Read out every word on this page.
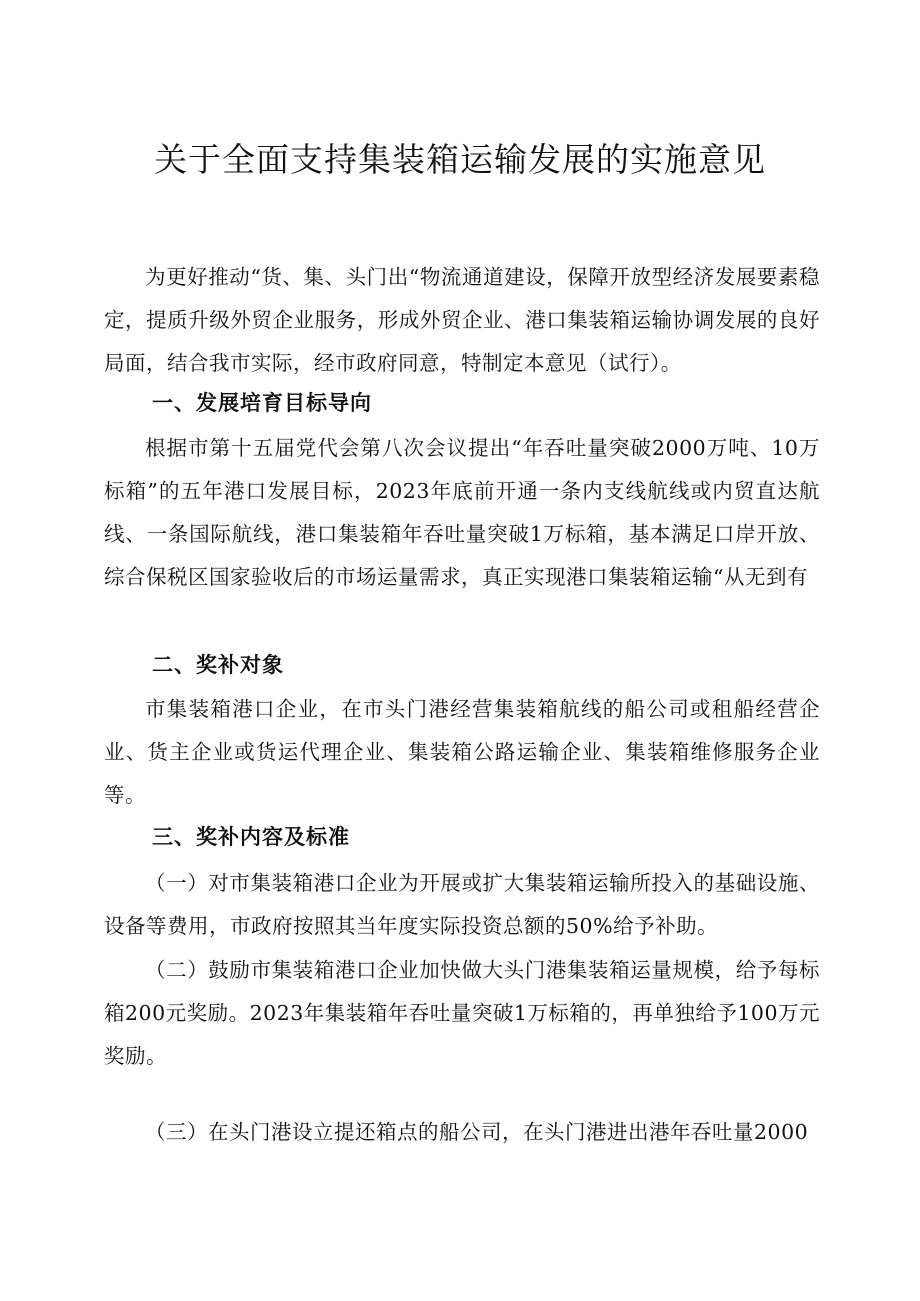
关于全面支持集装箱运输发展的实施意见

为更好推动“货、集、头门出“物流通道建设，保障开放型经济发展要素稳定，提质升级外贸企业服务，形成外贸企业、港口集装箱运输协调发展的良好局面，结合我市实际，经市政府同意，特制定本意见（试行）。

一、发展培育目标导向

根据市第十五届党代会第八次会议提出“年吞吐量突破2000万吨、10万标箱”的五年港口发展目标，2023年底前开通一条内支线航线或内贸直达航线、一条国际航线，港口集装箱年吞吐量突破1万标箱，基本满足口岸开放、综合保税区国家验收后的市场运量需求，真正实现港口集装箱运输“从无到有

二、奖补对象

市集装箱港口企业，在市头门港经营集装箱航线的船公司或租船经营企业、货主企业或货运代理企业、集装箱公路运输企业、集装箱维修服务企业等。

三、奖补内容及标准

（一）对市集装箱港口企业为开展或扩大集装箱运输所投入的基础设施、设备等费用，市政府按照其当年度实际投资总额的50%给予补助。

（二）鼓励市集装箱港口企业加快做大头门港集装箱运量规模，给予每标箱200元奖励。2023年集装箱年吞吐量突破1万标箱的，再单独给予100万元奖励。

（三）在头门港设立提还箱点的船公司，在头门港进出港年吞吐量2000
